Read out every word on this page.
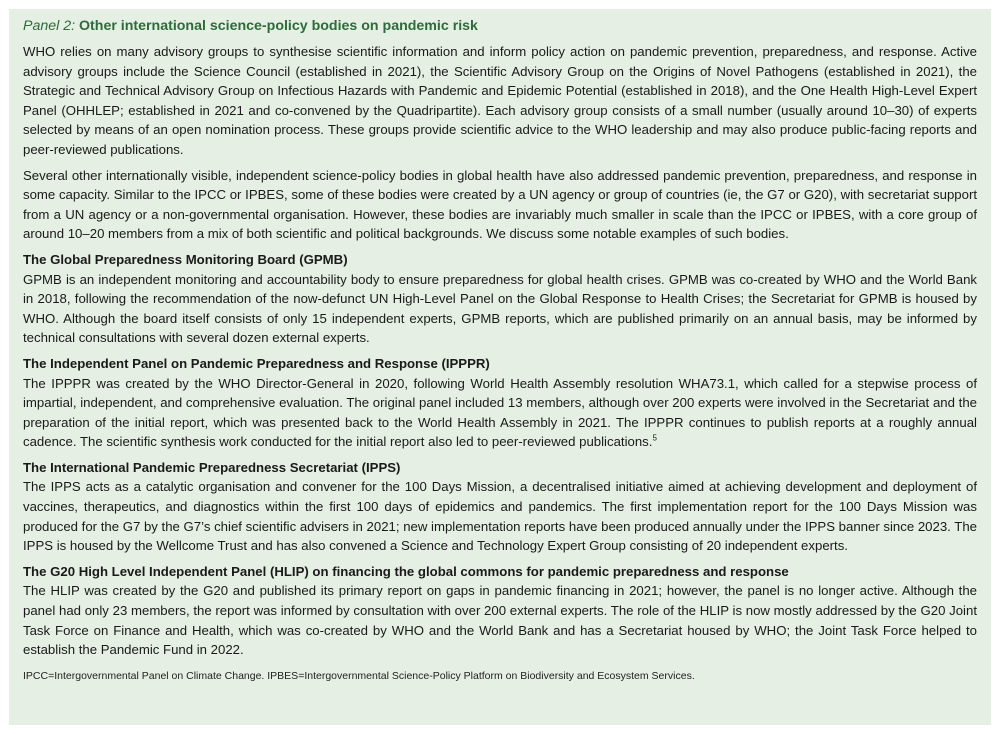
Panel 2: Other international science-policy bodies on pandemic risk

WHO relies on many advisory groups to synthesise scientific information and inform policy action on pandemic prevention, preparedness, and response. Active advisory groups include the Science Council (established in 2021), the Scientific Advisory Group on the Origins of Novel Pathogens (established in 2021), the Strategic and Technical Advisory Group on Infectious Hazards with Pandemic and Epidemic Potential (established in 2018), and the One Health High-Level Expert Panel (OHHLEP; established in 2021 and co-convened by the Quadripartite). Each advisory group consists of a small number (usually around 10–30) of experts selected by means of an open nomination process. These groups provide scientific advice to the WHO leadership and may also produce public-facing reports and peer-reviewed publications.

Several other internationally visible, independent science-policy bodies in global health have also addressed pandemic prevention, preparedness, and response in some capacity. Similar to the IPCC or IPBES, some of these bodies were created by a UN agency or group of countries (ie, the G7 or G20), with secretariat support from a UN agency or a non-governmental organisation. However, these bodies are invariably much smaller in scale than the IPCC or IPBES, with a core group of around 10–20 members from a mix of both scientific and political backgrounds. We discuss some notable examples of such bodies.

The Global Preparedness Monitoring Board (GPMB)

GPMB is an independent monitoring and accountability body to ensure preparedness for global health crises. GPMB was co-created by WHO and the World Bank in 2018, following the recommendation of the now-defunct UN High-Level Panel on the Global Response to Health Crises; the Secretariat for GPMB is housed by WHO. Although the board itself consists of only 15 independent experts, GPMB reports, which are published primarily on an annual basis, may be informed by technical consultations with several dozen external experts.

The Independent Panel on Pandemic Preparedness and Response (IPPPR)

The IPPPR was created by the WHO Director-General in 2020, following World Health Assembly resolution WHA73.1, which called for a stepwise process of impartial, independent, and comprehensive evaluation. The original panel included 13 members, although over 200 experts were involved in the Secretariat and the preparation of the initial report, which was presented back to the World Health Assembly in 2021. The IPPPR continues to publish reports at a roughly annual cadence. The scientific synthesis work conducted for the initial report also led to peer-reviewed publications.$^5$

The International Pandemic Preparedness Secretariat (IPPS)

The IPPS acts as a catalytic organisation and convener for the 100 Days Mission, a decentralised initiative aimed at achieving development and deployment of vaccines, therapeutics, and diagnostics within the first 100 days of epidemics and pandemics. The first implementation report for the 100 Days Mission was produced for the G7 by the G7’s chief scientific advisers in 2021; new implementation reports have been produced annually under the IPPS banner since 2023. The IPPS is housed by the Wellcome Trust and has also convened a Science and Technology Expert Group consisting of 20 independent experts.

The G20 High Level Independent Panel (HLIP) on financing the global commons for pandemic preparedness and response

The HLIP was created by the G20 and published its primary report on gaps in pandemic financing in 2021; however, the panel is no longer active. Although the panel had only 23 members, the report was informed by consultation with over 200 external experts. The role of the HLIP is now mostly addressed by the G20 Joint Task Force on Finance and Health, which was co-created by WHO and the World Bank and has a Secretariat housed by WHO; the Joint Task Force helped to establish the Pandemic Fund in 2022.

IPCC=Intergovernmental Panel on Climate Change. IPBES=Intergovernmental Science-Policy Platform on Biodiversity and Ecosystem Services.
